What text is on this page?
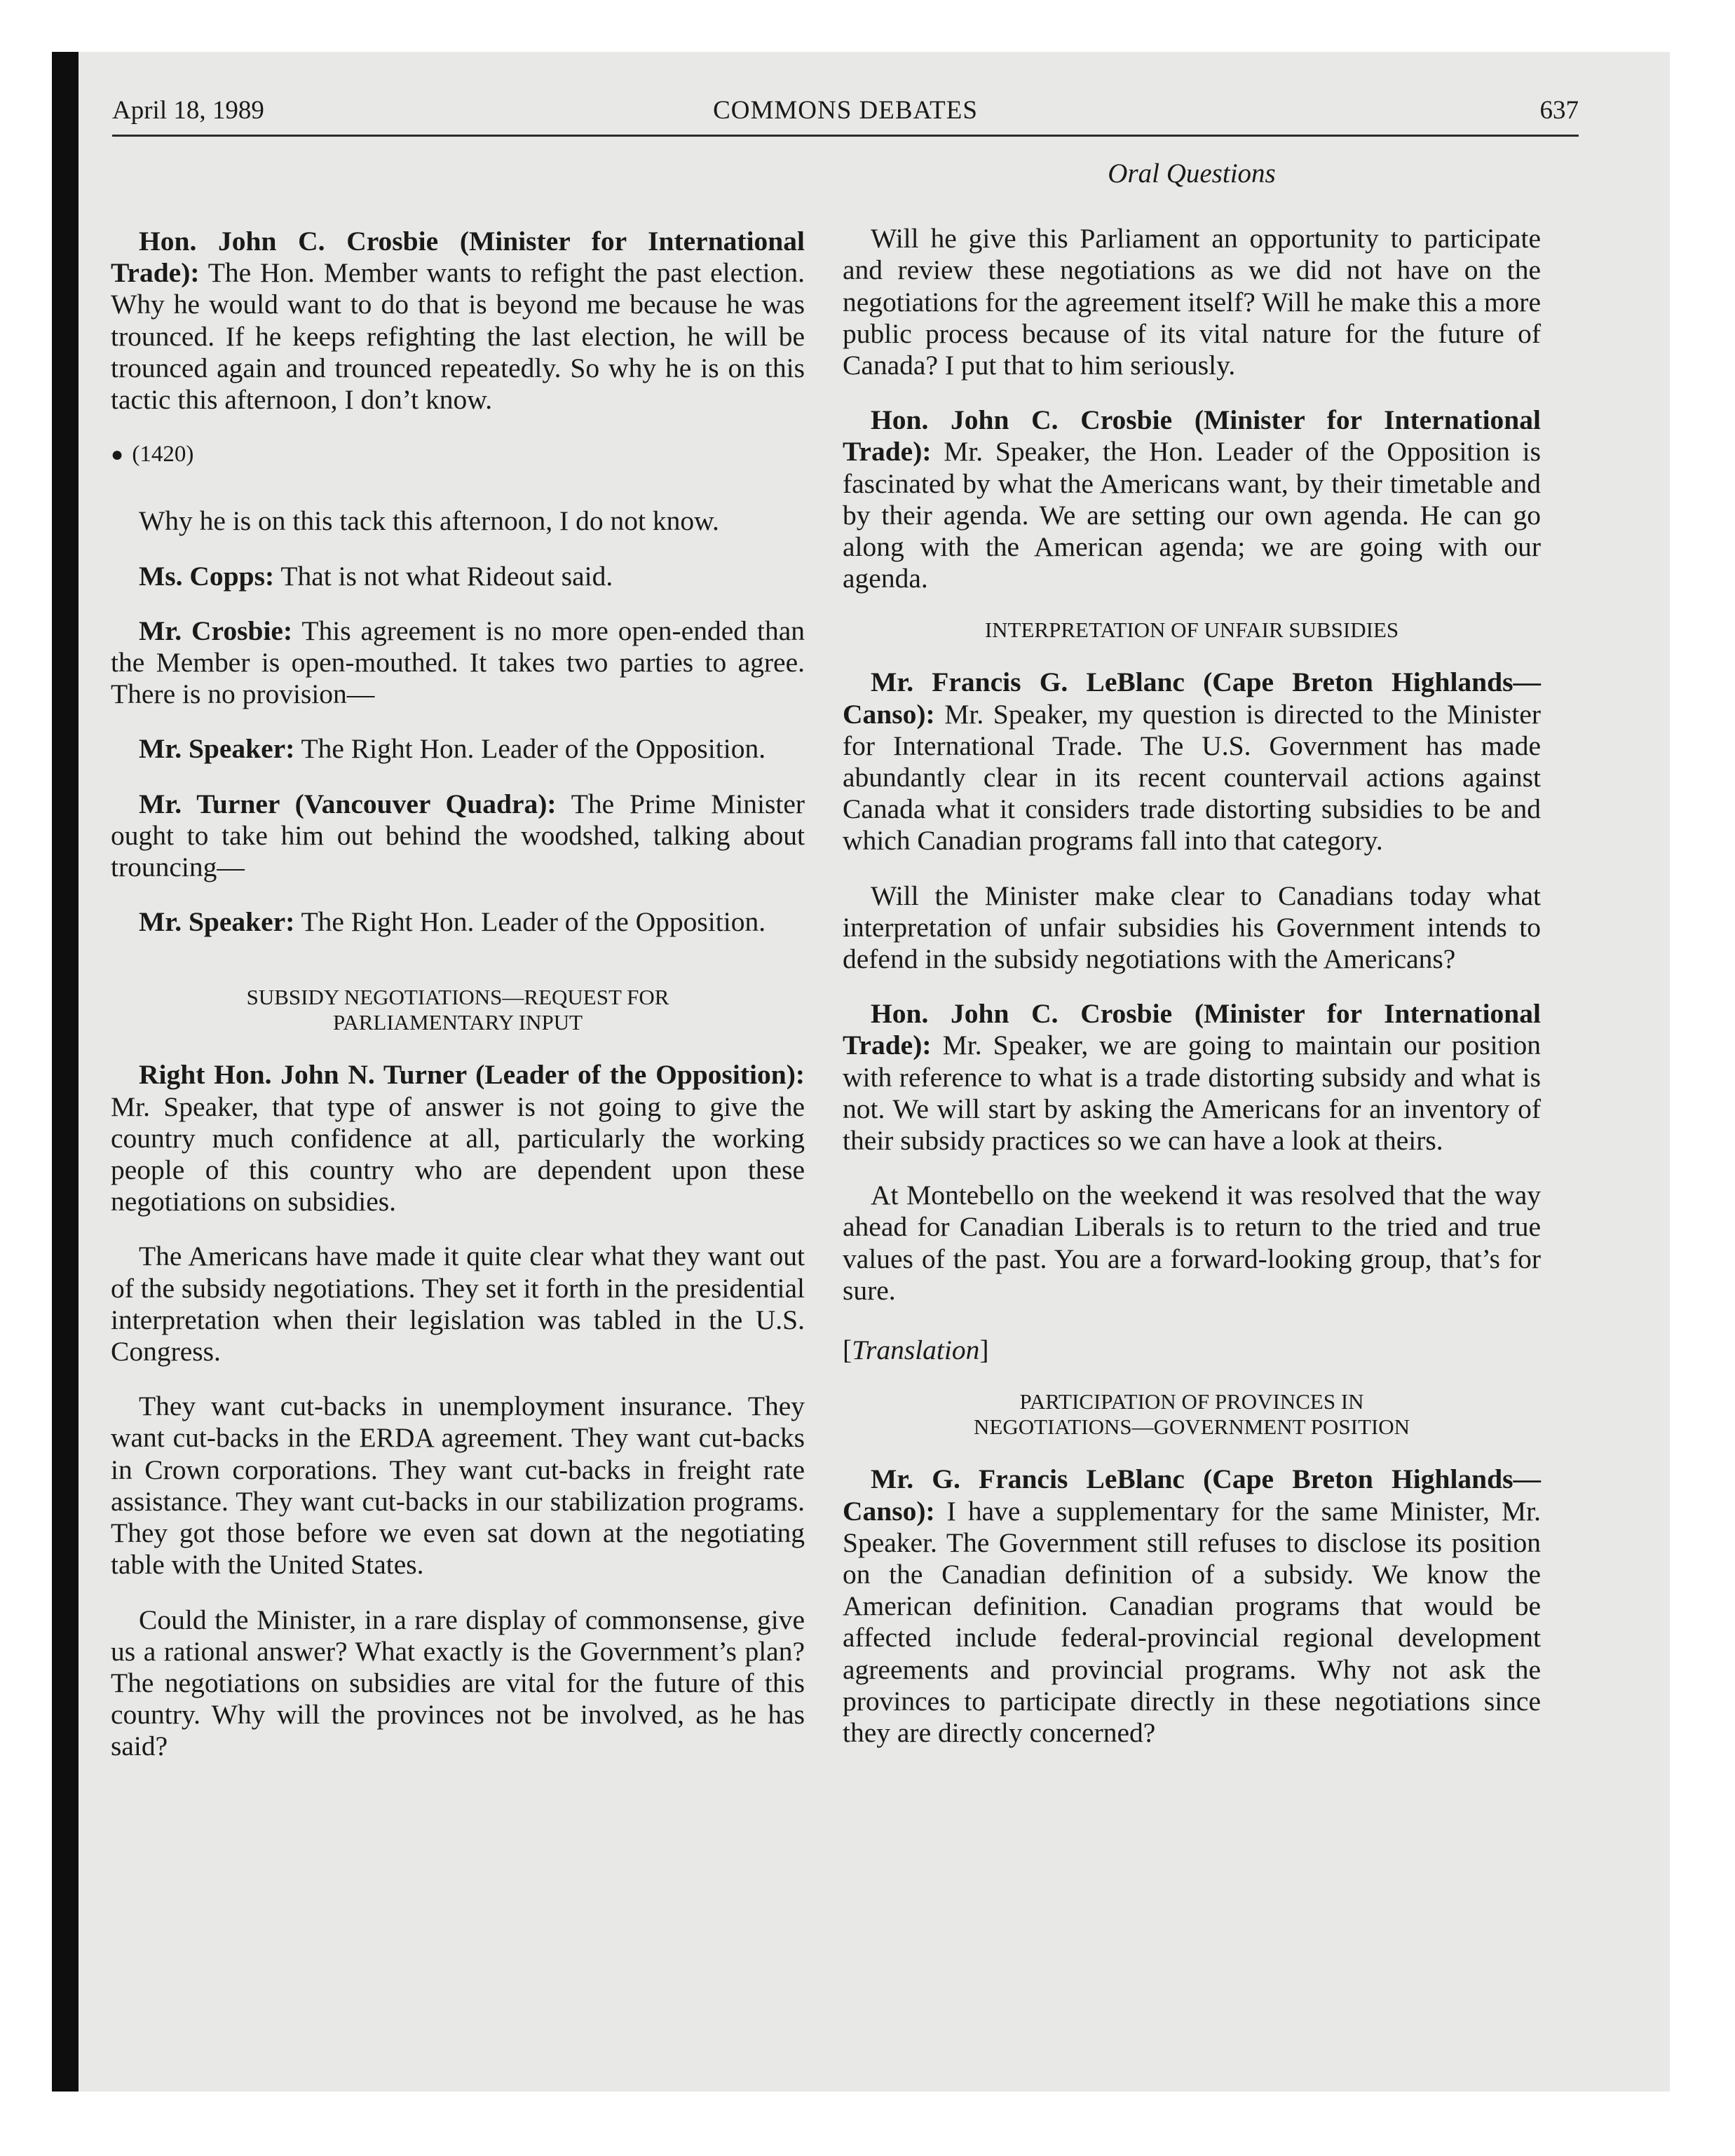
April 18, 1989	COMMONS DEBATES	637

Hon. John C. Crosbie (Minister for International Trade): The Hon. Member wants to refight the past election. Why he would want to do that is beyond me because he was trounced. If he keeps refighting the last election, he will be trounced again and trounced repeatedly. So why he is on this tactic this afternoon, I don’t know.

● (1420)

Why he is on this tack this afternoon, I do not know.

Ms. Copps: That is not what Rideout said.

Mr. Crosbie: This agreement is no more open-ended than the Member is open-mouthed. It takes two parties to agree. There is no provision—

Mr. Speaker: The Right Hon. Leader of the Opposition.

Mr. Turner (Vancouver Quadra): The Prime Minister ought to take him out behind the woodshed, talking about trouncing—

Mr. Speaker: The Right Hon. Leader of the Opposition.

SUBSIDY NEGOTIATIONS—REQUEST FOR
PARLIAMENTARY INPUT

Right Hon. John N. Turner (Leader of the Opposition): Mr. Speaker, that type of answer is not going to give the country much confidence at all, particularly the working people of this country who are dependent upon these negotiations on subsidies.

The Americans have made it quite clear what they want out of the subsidy negotiations. They set it forth in the presidential interpretation when their legislation was tabled in the U.S. Congress.

They want cut-backs in unemployment insurance. They want cut-backs in the ERDA agreement. They want cut-backs in Crown corporations. They want cut-backs in freight rate assistance. They want cut-backs in our stabilization programs. They got those before we even sat down at the negotiating table with the United States.

Could the Minister, in a rare display of commonsense, give us a rational answer? What exactly is the Government’s plan? The negotiations on subsidies are vital for the future of this country. Why will the provinces not be involved, as he has said?

Oral Questions

Will he give this Parliament an opportunity to participate and review these negotiations as we did not have on the negotiations for the agreement itself? Will he make this a more public process because of its vital nature for the future of Canada? I put that to him seriously.

Hon. John C. Crosbie (Minister for International Trade): Mr. Speaker, the Hon. Leader of the Opposition is fascinated by what the Americans want, by their timetable and by their agenda. We are setting our own agenda. He can go along with the American agenda; we are going with our agenda.

INTERPRETATION OF UNFAIR SUBSIDIES

Mr. Francis G. LeBlanc (Cape Breton Highlands—Canso): Mr. Speaker, my question is directed to the Minister for International Trade. The U.S. Government has made abundantly clear in its recent countervail actions against Canada what it considers trade distorting subsidies to be and which Canadian programs fall into that category.

Will the Minister make clear to Canadians today what interpretation of unfair subsidies his Government intends to defend in the subsidy negotiations with the Americans?

Hon. John C. Crosbie (Minister for International Trade): Mr. Speaker, we are going to maintain our position with reference to what is a trade distorting subsidy and what is not. We will start by asking the Americans for an inventory of their subsidy practices so we can have a look at theirs.

At Montebello on the weekend it was resolved that the way ahead for Canadian Liberals is to return to the tried and true values of the past. You are a forward-looking group, that’s for sure.

[Translation]

PARTICIPATION OF PROVINCES IN
NEGOTIATIONS—GOVERNMENT POSITION

Mr. G. Francis LeBlanc (Cape Breton Highlands—Canso): I have a supplementary for the same Minister, Mr. Speaker. The Government still refuses to disclose its position on the Canadian definition of a subsidy. We know the American definition. Canadian programs that would be affected include federal-provincial regional development agreements and provincial programs. Why not ask the provinces to participate directly in these negotiations since they are directly concerned?
